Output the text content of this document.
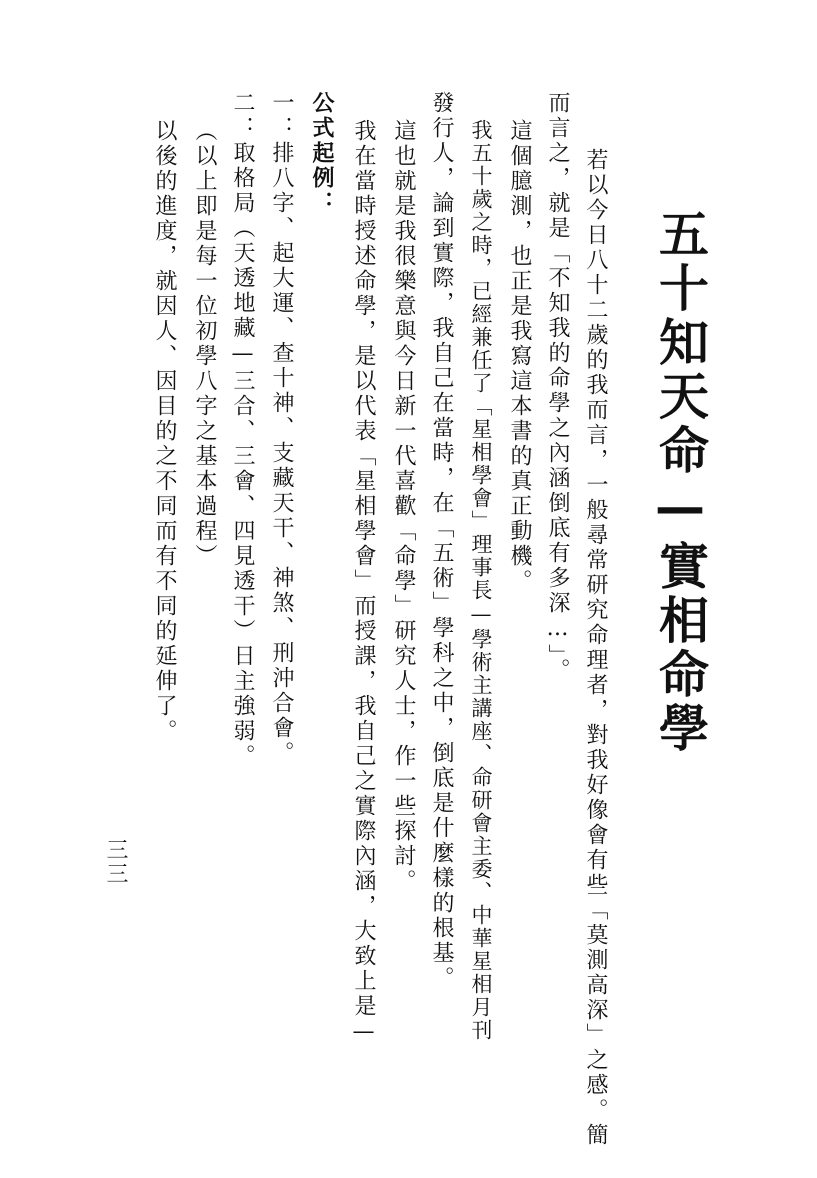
五十知天命—實相命學
若以今日八十二歲的我而言，一般尋常研究命理者，對我好像會有些「莫測高深」之感。簡
而言之，就是「不知我的命學之內涵倒底有多深…」。
這個臆測，也正是我寫這本書的真正動機。
我五十歲之時，已經兼任了「星相學會」理事長—學術主講座、命研會主委、中華星相月刊
發行人，論到實際，我自己在當時，在「五術」學科之中，倒底是什麼樣的根基。
這也就是我很樂意與今日新一代喜歡「命學」研究人士，作一些探討。
我在當時授述命學，是以代表「星相學會」而授課，我自己之實際內涵，大致上是—
公式起例：
一：排八字、起大運、查十神、支藏天干、神煞、刑沖合會。
二：取格局（天透地藏—三合、三會、四見透干）日主強弱。
（以上即是每一位初學八字之基本過程）
以後的進度，就因人、因目的之不同而有不同的延伸了。
三三
